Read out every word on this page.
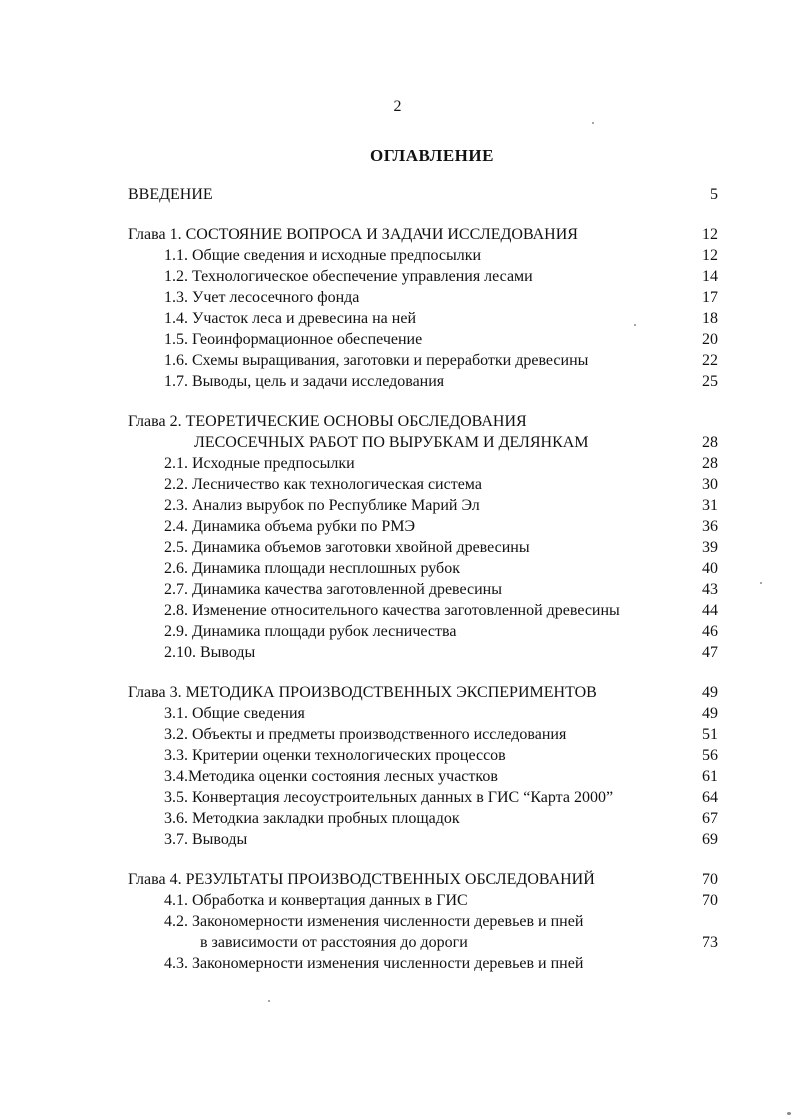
2
ОГЛАВЛЕНИЕ
ВВЕДЕНИЕ	5
Глава 1. СОСТОЯНИЕ ВОПРОСА И ЗАДАЧИ ИССЛЕДОВАНИЯ	12
1.1. Общие сведения и исходные предпосылки	12
1.2. Технологическое обеспечение управления лесами	14
1.3. Учет лесосечного фонда	17
1.4. Участок леса и древесина на ней	18
1.5. Геоинформационное обеспечение	20
1.6. Схемы выращивания, заготовки и переработки древесины	22
1.7. Выводы, цель и задачи исследования	25
Глава 2. ТЕОРЕТИЧЕСКИЕ ОСНОВЫ ОБСЛЕДОВАНИЯ
ЛЕСОСЕЧНЫХ РАБОТ ПО ВЫРУБКАМ И ДЕЛЯНКАМ	28
2.1. Исходные предпосылки	28
2.2. Лесничество как технологическая система	30
2.3. Анализ вырубок по Республике Марий Эл	31
2.4. Динамика объема рубки по РМЭ	36
2.5. Динамика объемов заготовки хвойной древесины	39
2.6. Динамика площади несплошных рубок	40
2.7. Динамика качества заготовленной древесины	43
2.8. Изменение относительного качества заготовленной древесины	44
2.9. Динамика площади рубок лесничества	46
2.10. Выводы	47
Глава 3. МЕТОДИКА ПРОИЗВОДСТВЕННЫХ ЭКСПЕРИМЕНТОВ	49
3.1. Общие сведения	49
3.2. Объекты и предметы производственного исследования	51
3.3. Критерии оценки технологических процессов	56
3.4.Методика оценки состояния лесных участков	61
3.5. Конвертация лесоустроительных данных в ГИС “Карта 2000”	64
3.6. Методкиа закладки пробных площадок	67
3.7. Выводы	69
Глава 4. РЕЗУЛЬТАТЫ ПРОИЗВОДСТВЕННЫХ ОБСЛЕДОВАНИЙ	70
4.1. Обработка и конвертация данных в ГИС	70
4.2. Закономерности изменения численности деревьев и пней
в зависимости от расстояния до дороги	73
4.3. Закономерности изменения численности деревьев и пней
